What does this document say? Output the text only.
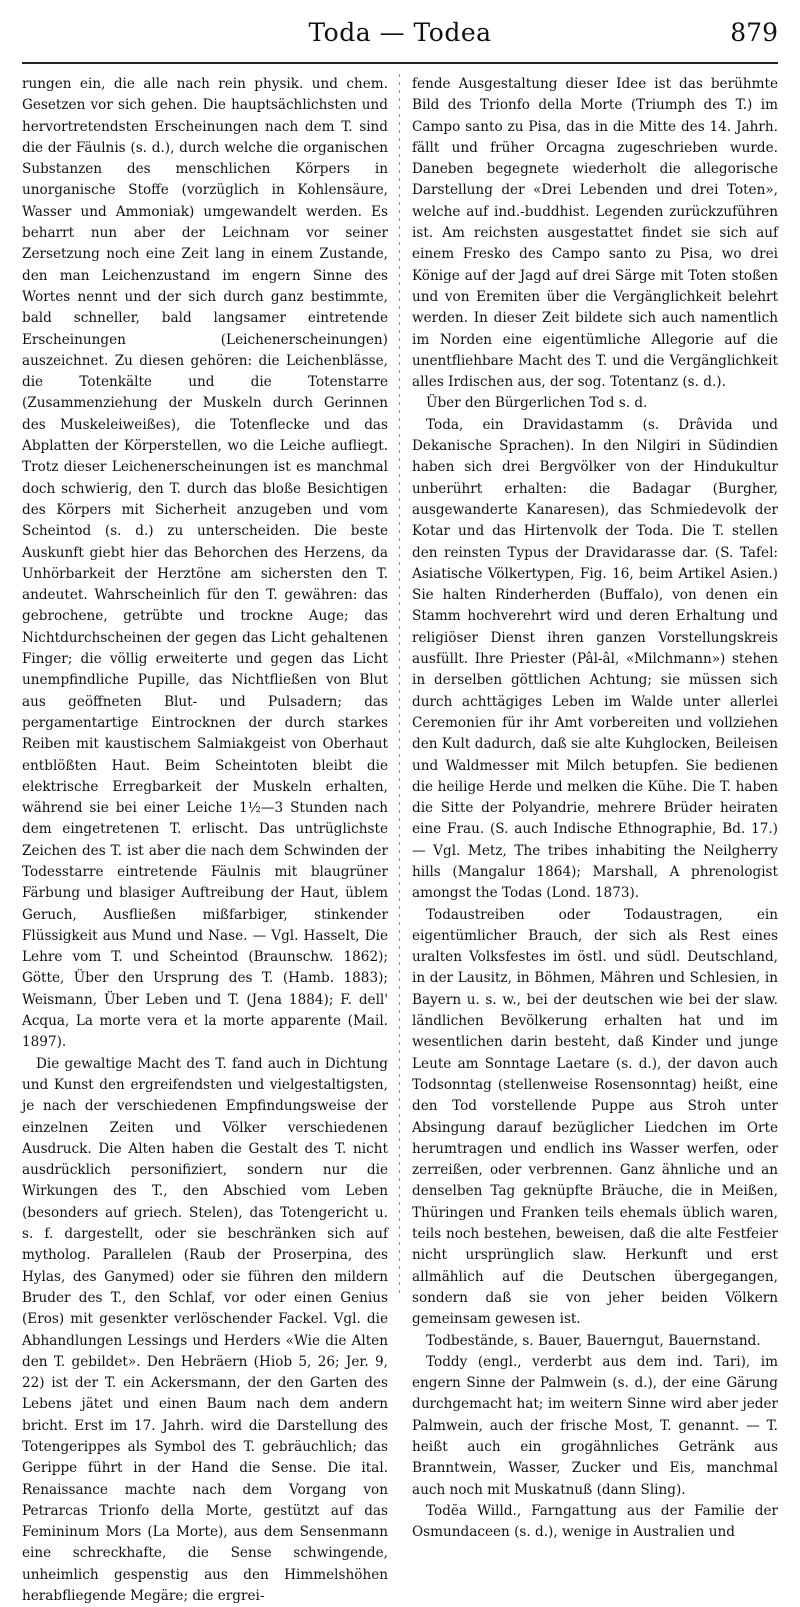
Toda — Todea	879

rungen ein, die alle nach rein physik. und chem. Gesetzen vor sich gehen. Die hauptsächlichsten und hervortretendsten Erscheinungen nach dem T. sind die der Fäulnis (s. d.), durch welche die organischen Substanzen des menschlichen Körpers in unorganische Stoffe (vorzüglich in Kohlensäure, Wasser und Ammoniak) umgewandelt werden. Es beharrt nun aber der Leichnam vor seiner Zersetzung noch eine Zeit lang in einem Zustande, den man Leichenzustand im engern Sinne des Wortes nennt und der sich durch ganz bestimmte, bald schneller, bald langsamer eintretende Erscheinungen (Leichenerscheinungen) auszeichnet. Zu diesen gehören: die Leichenblässe, die Totenkälte und die Totenstarre (Zusammenziehung der Muskeln durch Gerinnen des Muskeleiweißes), die Totenflecke und das Abplatten der Körperstellen, wo die Leiche aufliegt. Trotz dieser Leichenerscheinungen ist es manchmal doch schwierig, den T. durch das bloße Besichtigen des Körpers mit Sicherheit anzugeben und vom Scheintod (s. d.) zu unterscheiden. Die beste Auskunft giebt hier das Behorchen des Herzens, da Unhörbarkeit der Herztöne am sichersten den T. andeutet. Wahrscheinlich für den T. gewähren: das gebrochene, getrübte und trockne Auge; das Nichtdurchscheinen der gegen das Licht gehaltenen Finger; die völlig erweiterte und gegen das Licht unempfindliche Pupille, das Nichtfließen von Blut aus geöffneten Blut- und Pulsadern; das pergamentartige Eintrocknen der durch starkes Reiben mit kaustischem Salmiakgeist von Oberhaut entblößten Haut. Beim Scheintoten bleibt die elektrische Erregbarkeit der Muskeln erhalten, während sie bei einer Leiche 1½—3 Stunden nach dem eingetretenen T. erlischt. Das untrüglichste Zeichen des T. ist aber die nach dem Schwinden der Todesstarre eintretende Fäulnis mit blaugrüner Färbung und blasiger Auftreibung der Haut, üblem Geruch, Ausfließen mißfarbiger, stinkender Flüssigkeit aus Mund und Nase. — Vgl. Hasselt, Die Lehre vom T. und Scheintod (Braunschw. 1862); Götte, Über den Ursprung des T. (Hamb. 1883); Weismann, Über Leben und T. (Jena 1884); F. dell' Acqua, La morte vera et la morte apparente (Mail. 1897).

Die gewaltige Macht des T. fand auch in Dichtung und Kunst den ergreifendsten und vielgestaltigsten, je nach der verschiedenen Empfindungsweise der einzelnen Zeiten und Völker verschiedenen Ausdruck. Die Alten haben die Gestalt des T. nicht ausdrücklich personifiziert, sondern nur die Wirkungen des T., den Abschied vom Leben (besonders auf griech. Stelen), das Totengericht u. s. f. dargestellt, oder sie beschränken sich auf mytholog. Parallelen (Raub der Proserpina, des Hylas, des Ganymed) oder sie führen den mildern Bruder des T., den Schlaf, vor oder einen Genius (Eros) mit gesenkter verlöschender Fackel. Vgl. die Abhandlungen Lessings und Herders «Wie die Alten den T. gebildet». Den Hebräern (Hiob 5, 26; Jer. 9, 22) ist der T. ein Ackersmann, der den Garten des Lebens jätet und einen Baum nach dem andern bricht. Erst im 17. Jahrh. wird die Darstellung des Totengerippes als Symbol des T. gebräuchlich; das Gerippe führt in der Hand die Sense. Die ital. Renaissance machte nach dem Vorgang von Petrarcas Trionfo della Morte, gestützt auf das Femininum Mors (La Morte), aus dem Sensenmann eine schreckhafte, die Sense schwingende, unheimlich gespenstig aus den Himmelshöhen herabfliegende Megäre; die ergrei-

fende Ausgestaltung dieser Idee ist das berühmte Bild des Trionfo della Morte (Triumph des T.) im Campo santo zu Pisa, das in die Mitte des 14. Jahrh. fällt und früher Orcagna zugeschrieben wurde. Daneben begegnete wiederholt die allegorische Darstellung der «Drei Lebenden und drei Toten», welche auf ind.-buddhist. Legenden zurückzuführen ist. Am reichsten ausgestattet findet sie sich auf einem Fresko des Campo santo zu Pisa, wo drei Könige auf der Jagd auf drei Särge mit Toten stoßen und von Eremiten über die Vergänglichkeit belehrt werden. In dieser Zeit bildete sich auch namentlich im Norden eine eigentümliche Allegorie auf die unentfliehbare Macht des T. und die Vergänglichkeit alles Irdischen aus, der sog. Totentanz (s. d.).

Über den Bürgerlichen Tod s. d.

Toda, ein Dravidastamm (s. Drâvida und Dekanische Sprachen). In den Nilgiri in Südindien haben sich drei Bergvölker von der Hindukultur unberührt erhalten: die Badagar (Burgher, ausgewanderte Kanaresen), das Schmiedevolk der Kotar und das Hirtenvolk der Toda. Die T. stellen den reinsten Typus der Dravidarasse dar. (S. Tafel: Asiatische Völkertypen, Fig. 16, beim Artikel Asien.) Sie halten Rinderherden (Buffalo), von denen ein Stamm hochverehrt wird und deren Erhaltung und religiöser Dienst ihren ganzen Vorstellungskreis ausfüllt. Ihre Priester (Pâl-âl, «Milchmann») stehen in derselben göttlichen Achtung; sie müssen sich durch achttägiges Leben im Walde unter allerlei Ceremonien für ihr Amt vorbereiten und vollziehen den Kult dadurch, daß sie alte Kuhglocken, Beileisen und Waldmesser mit Milch betupfen. Sie bedienen die heilige Herde und melken die Kühe. Die T. haben die Sitte der Polyandrie, mehrere Brüder heiraten eine Frau. (S. auch Indische Ethnographie, Bd. 17.) — Vgl. Metz, The tribes inhabiting the Neilgherry hills (Mangalur 1864); Marshall, A phrenologist amongst the Todas (Lond. 1873).

Todaustreiben oder Todaustragen, ein eigentümlicher Brauch, der sich als Rest eines uralten Volksfestes im östl. und südl. Deutschland, in der Lausitz, in Böhmen, Mähren und Schlesien, in Bayern u. s. w., bei der deutschen wie bei der slaw. ländlichen Bevölkerung erhalten hat und im wesentlichen darin besteht, daß Kinder und junge Leute am Sonntage Laetare (s. d.), der davon auch Todsonntag (stellenweise Rosensonntag) heißt, eine den Tod vorstellende Puppe aus Stroh unter Absingung darauf bezüglicher Liedchen im Orte herumtragen und endlich ins Wasser werfen, oder zerreißen, oder verbrennen. Ganz ähnliche und an denselben Tag geknüpfte Bräuche, die in Meißen, Thüringen und Franken teils ehemals üblich waren, teils noch bestehen, beweisen, daß die alte Festfeier nicht ursprünglich slaw. Herkunft und erst allmählich auf die Deutschen übergegangen, sondern daß sie von jeher beiden Völkern gemeinsam gewesen ist.

Todbestände, s. Bauer, Bauerngut, Bauernstand.

Toddy (engl., verderbt aus dem ind. Tari), im engern Sinne der Palmwein (s. d.), der eine Gärung durchgemacht hat; im weitern Sinne wird aber jeder Palmwein, auch der frische Most, T. genannt. — T. heißt auch ein grogähnliches Getränk aus Branntwein, Wasser, Zucker und Eis, manchmal auch noch mit Muskatnuß (dann Sling).

Todĕa Willd., Farngattung aus der Familie der Osmundaceen (s. d.), wenige in Australien und
